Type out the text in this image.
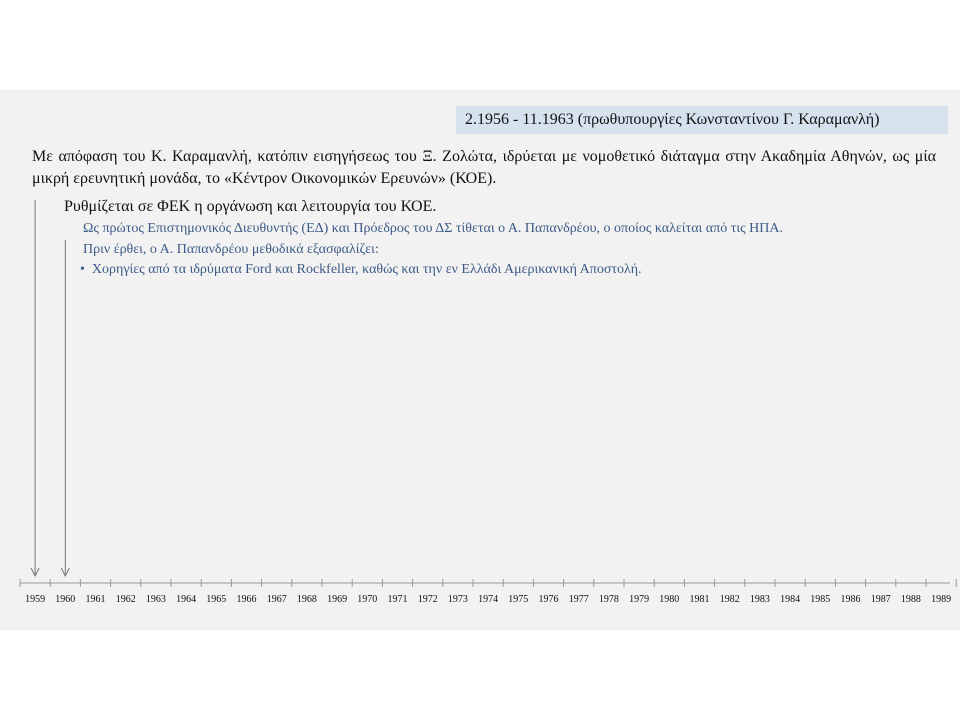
2.1956 - 11.1963 (πρωθυπουργίες Κωνσταντίνου Γ. Καραμανλή)
Με απόφαση του Κ. Καραμανλή, κατόπιν εισηγήσεως του Ξ. Ζολώτα, ιδρύεται με νομοθετικό διάταγμα στην Ακαδημία Αθηνών, ως μία μικρή ερευνητική μονάδα, το «Κέντρον Οικονομικών Ερευνών» (ΚΟΕ).
Ρυθμίζεται σε ΦΕΚ η οργάνωση και λειτουργία του ΚΟΕ.
Ως πρώτος Επιστημονικός Διευθυντής (ΕΔ) και Πρόεδρος του ΔΣ τίθεται ο Α. Παπανδρέου, ο οποίος καλείται από τις ΗΠΑ.
Πριν έρθει, ο Α. Παπανδρέου μεθοδικά εξασφαλίζει:
• Χορηγίες από τα ιδρύματα Ford και Rockfeller, καθώς και την εν Ελλάδι Αμερικανική Αποστολή.
1959 1960 1961 1962 1963 1964 1965 1966 1967 1968 1969 1970 1971 1972 1973 1974 1975 1976 1977 1978 1979 1980 1981 1982 1983 1984 1985 1986 1987 1988 1989
